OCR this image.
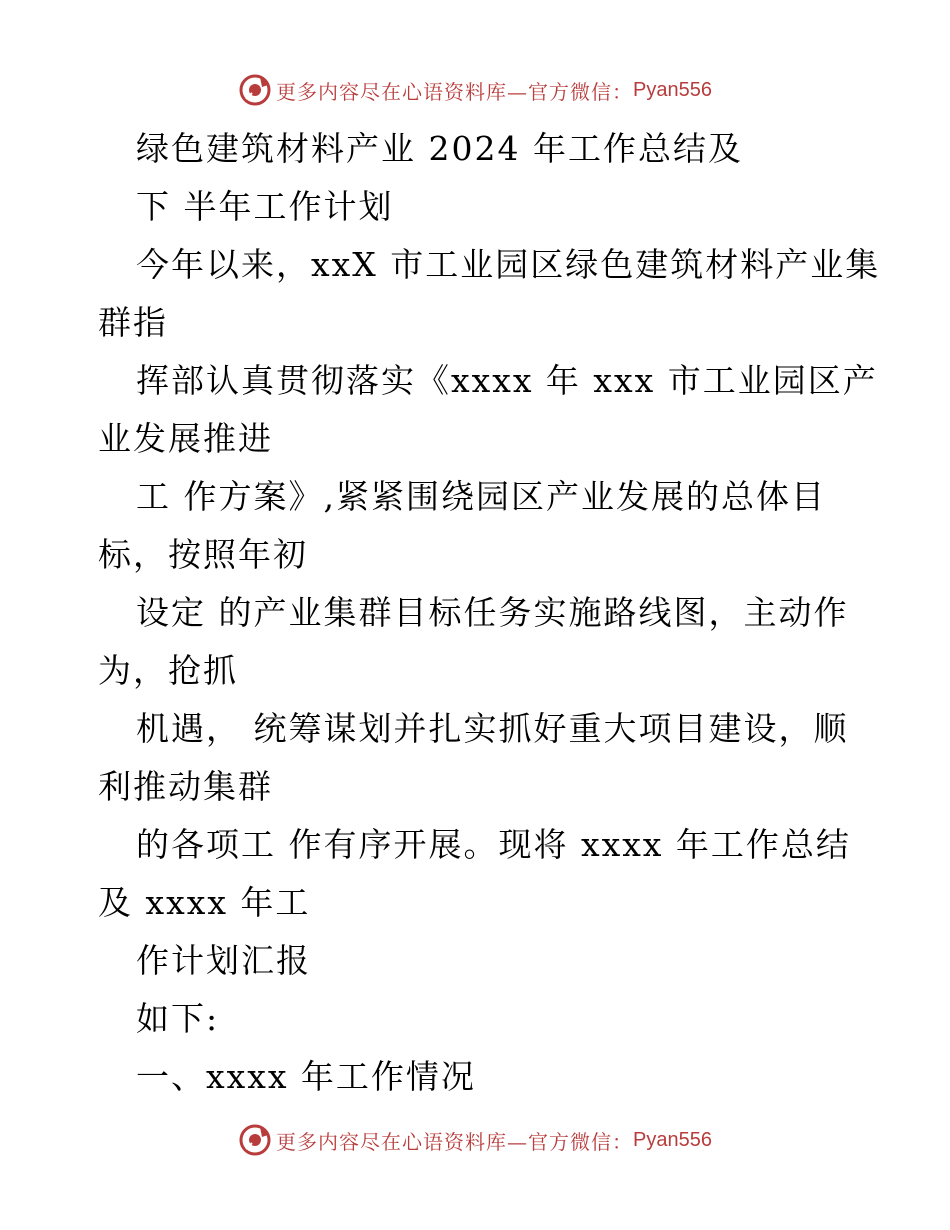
更多内容尽在心语资料库—官方微信： Pyan556
绿色建筑材料产业 2024 年工作总结及
下 半年工作计划
今年以来，xxX 市工业园区绿色建筑材料产业集
群指
挥部认真贯彻落实《xxxx 年 xxx 市工业园区产
业发展推进
工 作方案》,紧紧围绕园区产业发展的总体目
标，按照年初
设定 的产业集群目标任务实施路线图，主动作
为，抢抓
机遇， 统筹谋划并扎实抓好重大项目建设，顺
利推动集群
的各项工 作有序开展。现将 xxxx 年工作总结
及 xxxx 年工
作计划汇报
如下:
一、xxxx 年工作情况
更多内容尽在心语资料库—官方微信： Pyan556
